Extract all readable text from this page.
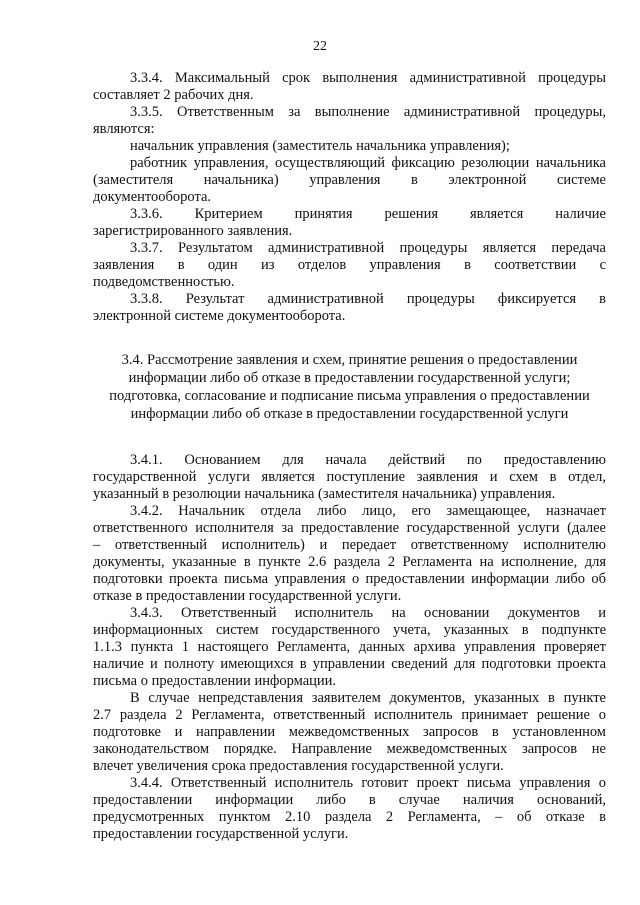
22
3.3.4. Максимальный срок выполнения административной процедуры
составляет 2 рабочих дня.
3.3.5. Ответственным за выполнение административной процедуры,
являются:
начальник управления (заместитель начальника управления);
работник управления, осуществляющий фиксацию резолюции начальника
(заместителя начальника) управления в электронной системе
документооборота.
3.3.6. Критерием принятия решения является наличие
зарегистрированного заявления.
3.3.7. Результатом административной процедуры является передача
заявления в один из отделов управления в соответствии с
подведомственностью.
3.3.8. Результат административной процедуры фиксируется в
электронной системе документооборота.
3.4. Рассмотрение заявления и схем, принятие решения о предоставлении
информации либо об отказе в предоставлении государственной услуги;
подготовка, согласование и подписание письма управления о предоставлении
информации либо об отказе в предоставлении государственной услуги
3.4.1. Основанием для начала действий по предоставлению
государственной услуги является поступление заявления и схем в отдел,
указанный в резолюции начальника (заместителя начальника) управления.
3.4.2. Начальник отдела либо лицо, его замещающее, назначает
ответственного исполнителя за предоставление государственной услуги (далее
– ответственный исполнитель) и передает ответственному исполнителю
документы, указанные в пункте 2.6 раздела 2 Регламента на исполнение, для
подготовки проекта письма управления о предоставлении информации либо об
отказе в предоставлении государственной услуги.
3.4.3. Ответственный исполнитель на основании документов и
информационных систем государственного учета, указанных в подпункте
1.1.3 пункта 1 настоящего Регламента, данных архива управления проверяет
наличие и полноту имеющихся в управлении сведений для подготовки проекта
письма о предоставлении информации.
В случае непредставления заявителем документов, указанных в пункте
2.7 раздела 2 Регламента, ответственный исполнитель принимает решение о
подготовке и направлении межведомственных запросов в установленном
законодательством порядке. Направление межведомственных запросов не
влечет увеличения срока предоставления государственной услуги.
3.4.4. Ответственный исполнитель готовит проект письма управления о
предоставлении информации либо в случае наличия оснований,
предусмотренных пунктом 2.10 раздела 2 Регламента, – об отказе в
предоставлении государственной услуги.
